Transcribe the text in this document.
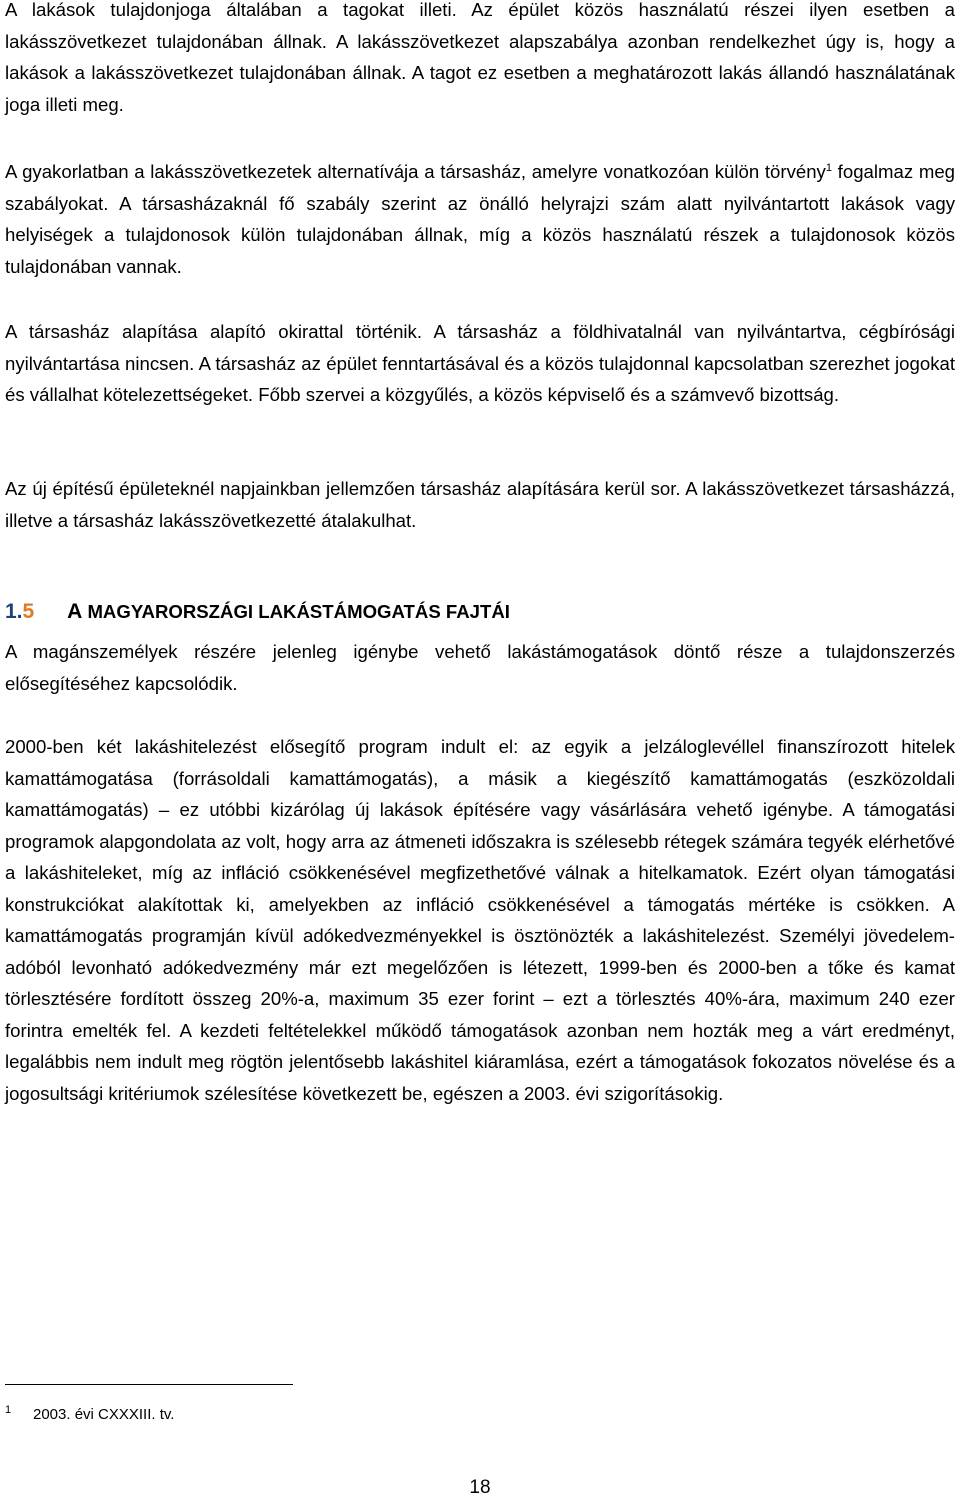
A lakások tulajdonjoga általában a tagokat illeti. Az épület közös használatú részei ilyen esetben a lakásszövetkezet tulajdonában állnak. A lakásszövetkezet alapszabálya azonban rendelkezhet úgy is, hogy a lakások a lakásszövetkezet tulajdonában állnak. A tagot ez esetben a meghatározott lakás állandó használatának joga illeti meg.

A gyakorlatban a lakásszövetkezetek alternatívája a társasház, amelyre vonatkozóan külön törvény$^1$ fogalmaz meg szabályokat. A társasházaknál fő szabály szerint az önálló helyrajzi szám alatt nyilvántartott lakások vagy helyiségek a tulajdonosok külön tulajdonában állnak, míg a közös használatú részek a tulajdonosok közös tulajdonában vannak.

A társasház alapítása alapító okirattal történik. A társasház a földhivatalnál van nyilvántartva, cégbírósági nyilvántartása nincsen. A társasház az épület fenntartásával és a közös tulajdonnal kapcsolatban szerezhet jogokat és vállalhat kötelezettségeket. Főbb szervei a közgyűlés, a közös képviselő és a számvevő bizottság.

Az új építésű épületeknél napjainkban jellemzően társasház alapítására kerül sor. A lakásszövetkezet társasházzá, illetve a társasház lakásszövetkezetté átalakulhat.

1.5 A MAGYARORSZÁGI LAKÁSTÁMOGATÁS FAJTÁI

A magánszemélyek részére jelenleg igénybe vehető lakástámogatások döntő része a tulajdonszerzés elősegítéséhez kapcsolódik.

2000-ben két lakáshitelezést elősegítő program indult el: az egyik a jelzáloglevéllel finanszírozott hitelek kamattámogatása (forrásoldali kamattámogatás), a másik a kiegészítő kamattámogatás (eszközoldali kamattámogatás) – ez utóbbi kizárólag új lakások építésére vagy vásárlására vehető igénybe. A támogatási programok alapgondolata az volt, hogy arra az átmeneti időszakra is szélesebb rétegek számára tegyék elérhetővé a lakáshiteleket, míg az infláció csökkenésével megfizethetővé válnak a hitelkamatok. Ezért olyan támogatási konstrukciókat alakítottak ki, amelyekben az infláció csökkenésével a támogatás mértéke is csökken. A kamattámogatás programján kívül adókedvezményekkel is ösztönözték a lakáshitelezést. Személyi jövedelem-adóból levonható adókedvezmény már ezt megelőzően is létezett, 1999-ben és 2000-ben a tőke és kamat törlesztésére fordított összeg 20%-a, maximum 35 ezer forint – ezt a törlesztés 40%-ára, maximum 240 ezer forintra emelték fel. A kezdeti feltételekkel működő támogatások azonban nem hozták meg a várt eredményt, legalábbis nem indult meg rögtön jelentősebb lakáshitel kiáramlása, ezért a támogatások fokozatos növelése és a jogosultsági kritériumok szélesítése következett be, egészen a 2003. évi szigorításokig.

1 2003. évi CXXXIII. tv.
18
